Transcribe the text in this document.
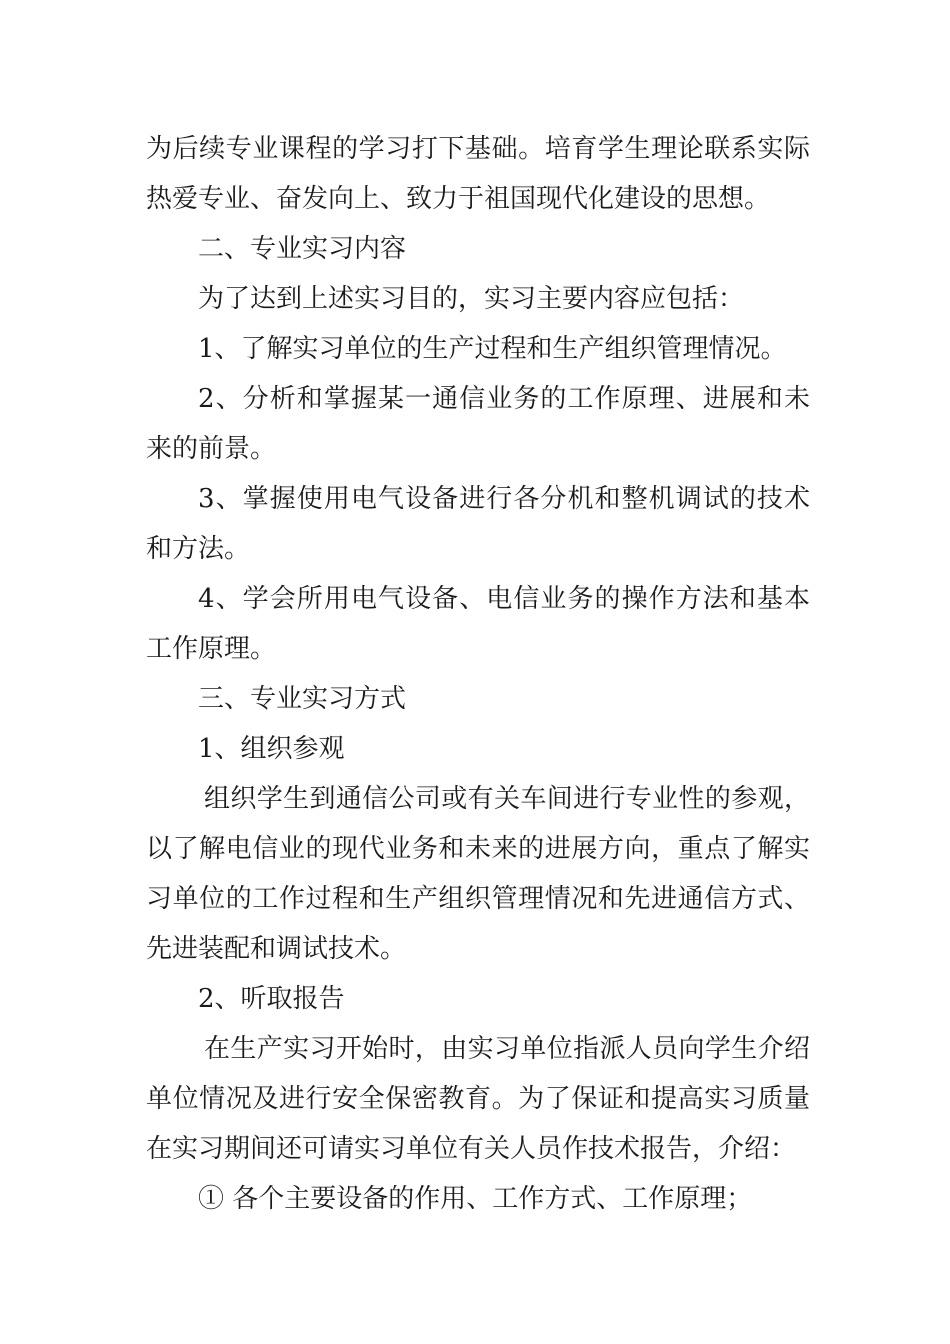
为后续专业课程的学习打下基础。培育学生理论联系实际热爱专业、奋发向上、致力于祖国现代化建设的思想。

二、专业实习内容

为了达到上述实习目的，实习主要内容应包括：

1、了解实习单位的生产过程和生产组织管理情况。

2、分析和掌握某一通信业务的工作原理、进展和未来的前景。

3、掌握使用电气设备进行各分机和整机调试的技术和方法。

4、学会所用电气设备、电信业务的操作方法和基本工作原理。

三、专业实习方式

1、组织参观

组织学生到通信公司或有关车间进行专业性的参观，以了解电信业的现代业务和未来的进展方向，重点了解实习单位的工作过程和生产组织管理情况和先进通信方式、先进装配和调试技术。

2、听取报告

在生产实习开始时，由实习单位指派人员向学生介绍单位情况及进行安全保密教育。为了保证和提高实习质量在实习期间还可请实习单位有关人员作技术报告，介绍：

① 各个主要设备的作用、工作方式、工作原理；
